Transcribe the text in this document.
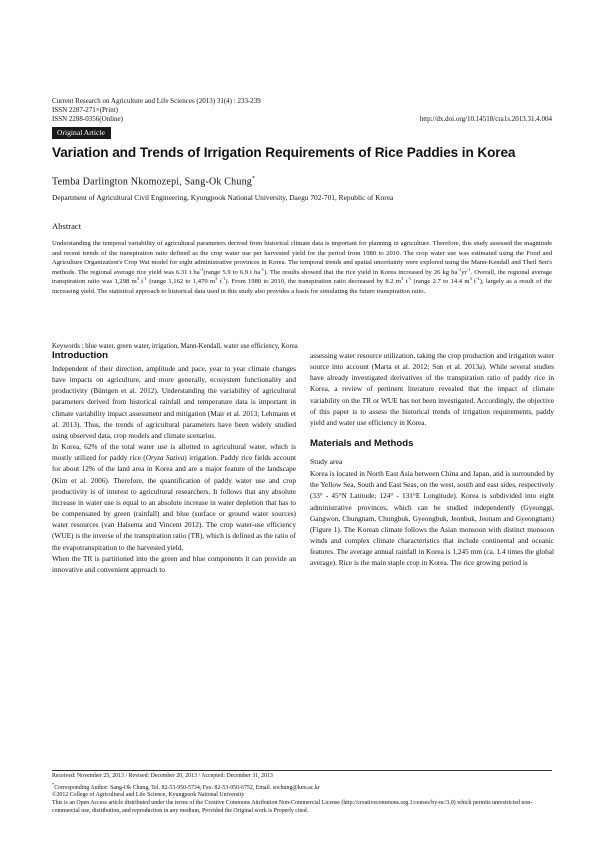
Current Research on Agriculture and Life Sciences (2013) 31(4) : 233-239
ISSN 2287-271×(Print)
ISSN 2288-0356(Online)	http://dx.doi.org/10.14518/cra1s.2013.31.4.004
Original Article
Variation and Trends of Irrigation Requirements of Rice Paddies in Korea
Temba Darlington Nkomozepi, Sang-Ok Chung*
Department of Agricultural Civil Engineering, Kyungpook National University, Daegu 702-701, Republic of Korea
Abstract
Understanding the temporal variability of agricultural parameters derived from historical climate data is important for planning in agriculture. Therefore, this study assessed the magnitude and recent trends of the transpiration ratio defined as the crop water use per harvested yield for the period from 1980 to 2010. The crop water use was estimated using the Food and Agriculture Organization's Crop Wat model for eight administrative provinces in Korea. The temporal trends and spatial uncertainty were explored using the Mann-Kendall and Theil Sen's methods. The regional average rice yield was 6.31 t $ha^{-1}(range$ 5.9 to 6.9 t $ha^{-1}$). The results showed that the rice yield in Korea increased by 26 kg $ha^{-1}yr^{-1}$. Overall, the regional average transpiration ratio was 1,298 $m^3$ $t^{-1}$ (range 1,162 to 1,470 $m^3$ $t^{-1}$). From 1980 to 2010, the transpiration ratio decreased by 8.2 $m^3$ $t^{-1}$ (range 2.7 to 14.4 $m^3$ $t^{-1}$), largely as a result of the increasing yield. The statistical approach to historical data used in this study also provides a basis for simulating the future transpiration ratio.
Keywords : blue water, green water, irrigation, Mann-Kendall, water use efficiency, Korea
Introduction

Independent of their direction, amplitude and pace, year to year climate changes have impacts on agriculture, and more generally, ecosystem functionality and productivity (Büntgen et al. 2012). Understanding the variability of agricultural parameters derived from historical rainfall and temperature data is important in climate variability impact assessment and mitigation (Mair et al. 2013; Lehmann et al. 2013). Thus, the trends of agricultural parameters have been widely studied using observed data, crop models and climate scenarios.

In Korea, 62% of the total water use is allotted to agricultural water, which is mostly utilized for paddy rice (Oryza Sativa) irrigation. Paddy rice fields account for about 12% of the land area in Korea and are a major feature of the landscape (Kim et al. 2006). Therefore, the quantification of paddy water use and crop productivity is of interest to agricultural researchers. It follows that any absolute increase in water use is equal to an absolute increase in water depletion that has to be compensated by green (rainfall) and blue (surface or ground water sources) water resources (van Halsema and Vincent 2012). The crop water-use efficiency (WUE) is the inverse of the transpiration ratio (TR), which is defined as the ratio of the evapotranspiration to the harvested yield.

When the TR is partitioned into the green and blue components it can provide an innovative and convenient approach to

assessing water resource utilization, taking the crop production and irrigation water source into account (Marta et al. 2012; Sun et al. 2013a). While several studies have already investigated derivatives of the transpiration ratio of paddy rice in Korea, a review of pertinent literature revealed that the impact of climate variability on the TR or WUE has not been investigated. Accordingly, the objective of this paper is to assess the historical trends of irrigation requirements, paddy yield and water use efficiency in Korea.

Materials and Methods
Study area

Korea is located in North East Asia between China and Japan, and is surrounded by the Yellow Sea, South and East Seas, on the west, south and east sides, respectively (33° - 45°N Latitude; 124° - 131°E Longitude). Korea is subdivided into eight administrative provinces, which can be studied independently (Gyeonggi, Gangwon, Chungnam, Chungbuk, Gyeongbuk, Jeonbuk, Jeonam and Gyeongnam) (Figure 1). The Korean climate follows the Asian monsoon with distinct monsoon winds and complex climate characteristics that include continental and oceanic features. The average annual rainfall in Korea is 1,245 mm (ca. 1.4 times the global average). Rice is the main staple crop in Korea. The rice growing period is

Received: November 25, 2013 / Revised: December 20, 2013 / Accepted: December 31, 2013
*Corresponding Author: Sang-Ok Chung, Tel. 82-53-950-5734, Fax. 82-53-950-6752, Email. sochung@knu.ac.kr
©2012 College of Agricultural and Life Science, Kyungpook National University
This is an Open Access article distributed under the terms of the Creative Commons Attribution Non-Commercial License (http://creativecommons.org.1:censes/by-nc/3.0) which permits unrestricted non-commercial use, distribution, and reproduction in any medium, Provided the Original work is Properly cited.
